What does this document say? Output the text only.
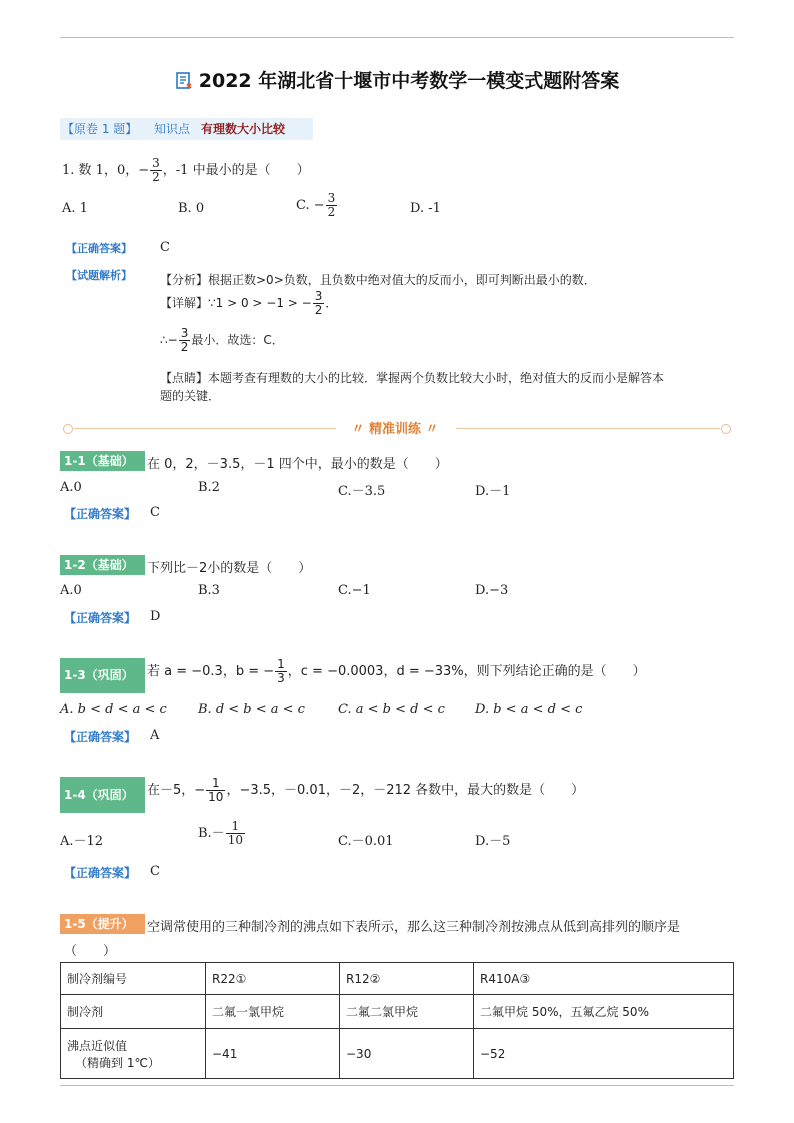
2022 年湖北省十堰市中考数学一模变式题附答案
【原卷 1 题】 知识点 有理数大小比较
1. 数 1，0，− $\frac{3}{2}$ ，-1 中最小的是（　　）
A. 1	B. 0	C. − $\frac{3}{2}$	D. -1
【正确答案】 C
【试题解析】 【分析】根据正数>0>负数，且负数中绝对值大的反而小，即可判断出最小的数．
【详解】∵1 > 0 > −1 > − $\frac{3}{2}$ ．
∴− $\frac{3}{2}$ 最小．故选：C．
【点睛】本题考查有理数的大小的比较．掌握两个负数比较大小时，绝对值大的反而小是解答本
题的关键．
〃 精准训练 〃
1-1（基础）	在 0，2，－3.5，－1 四个中，最小的数是（　　）
A.0	B.2	C.－3.5	D.－1
【正确答案】 C
1-2（基础）	下列比－2小的数是（　　）
A.0	B.3	C.−1	D.−3
【正确答案】 D
1-3（巩固）	若 a = −0.3，b = − $\frac{1}{3}$ ，c = −0.0003，d = −33%，则下列结论正确的是（　　）
A. b < d < a < c B. d < b < a < c	C. a < b < d < c D. b < a < d < c
【正确答案】 A
1-4（巩固）	在－5，− $\frac{1}{10}$ ，−3.5，－0.01，－2，－212 各数中，最大的数是（　　）
A.－12
$B.- \frac{1}{10}$	C.－0.01	D.－5
【正确答案】 C
1-5（提升）	空调常使用的三种制冷剂的沸点如下表所示，那么这三种制冷剂按沸点从低到高排列的顺序是
（　　）
制冷剂编号	R22①	R12②	R410A③
制冷剂	二氟一氯甲烷	二氟二氯甲烷	二氟甲烷 50%，五氟乙烷 50%

沸点近似值
（精确到 1℃）	−41	−30	−52
